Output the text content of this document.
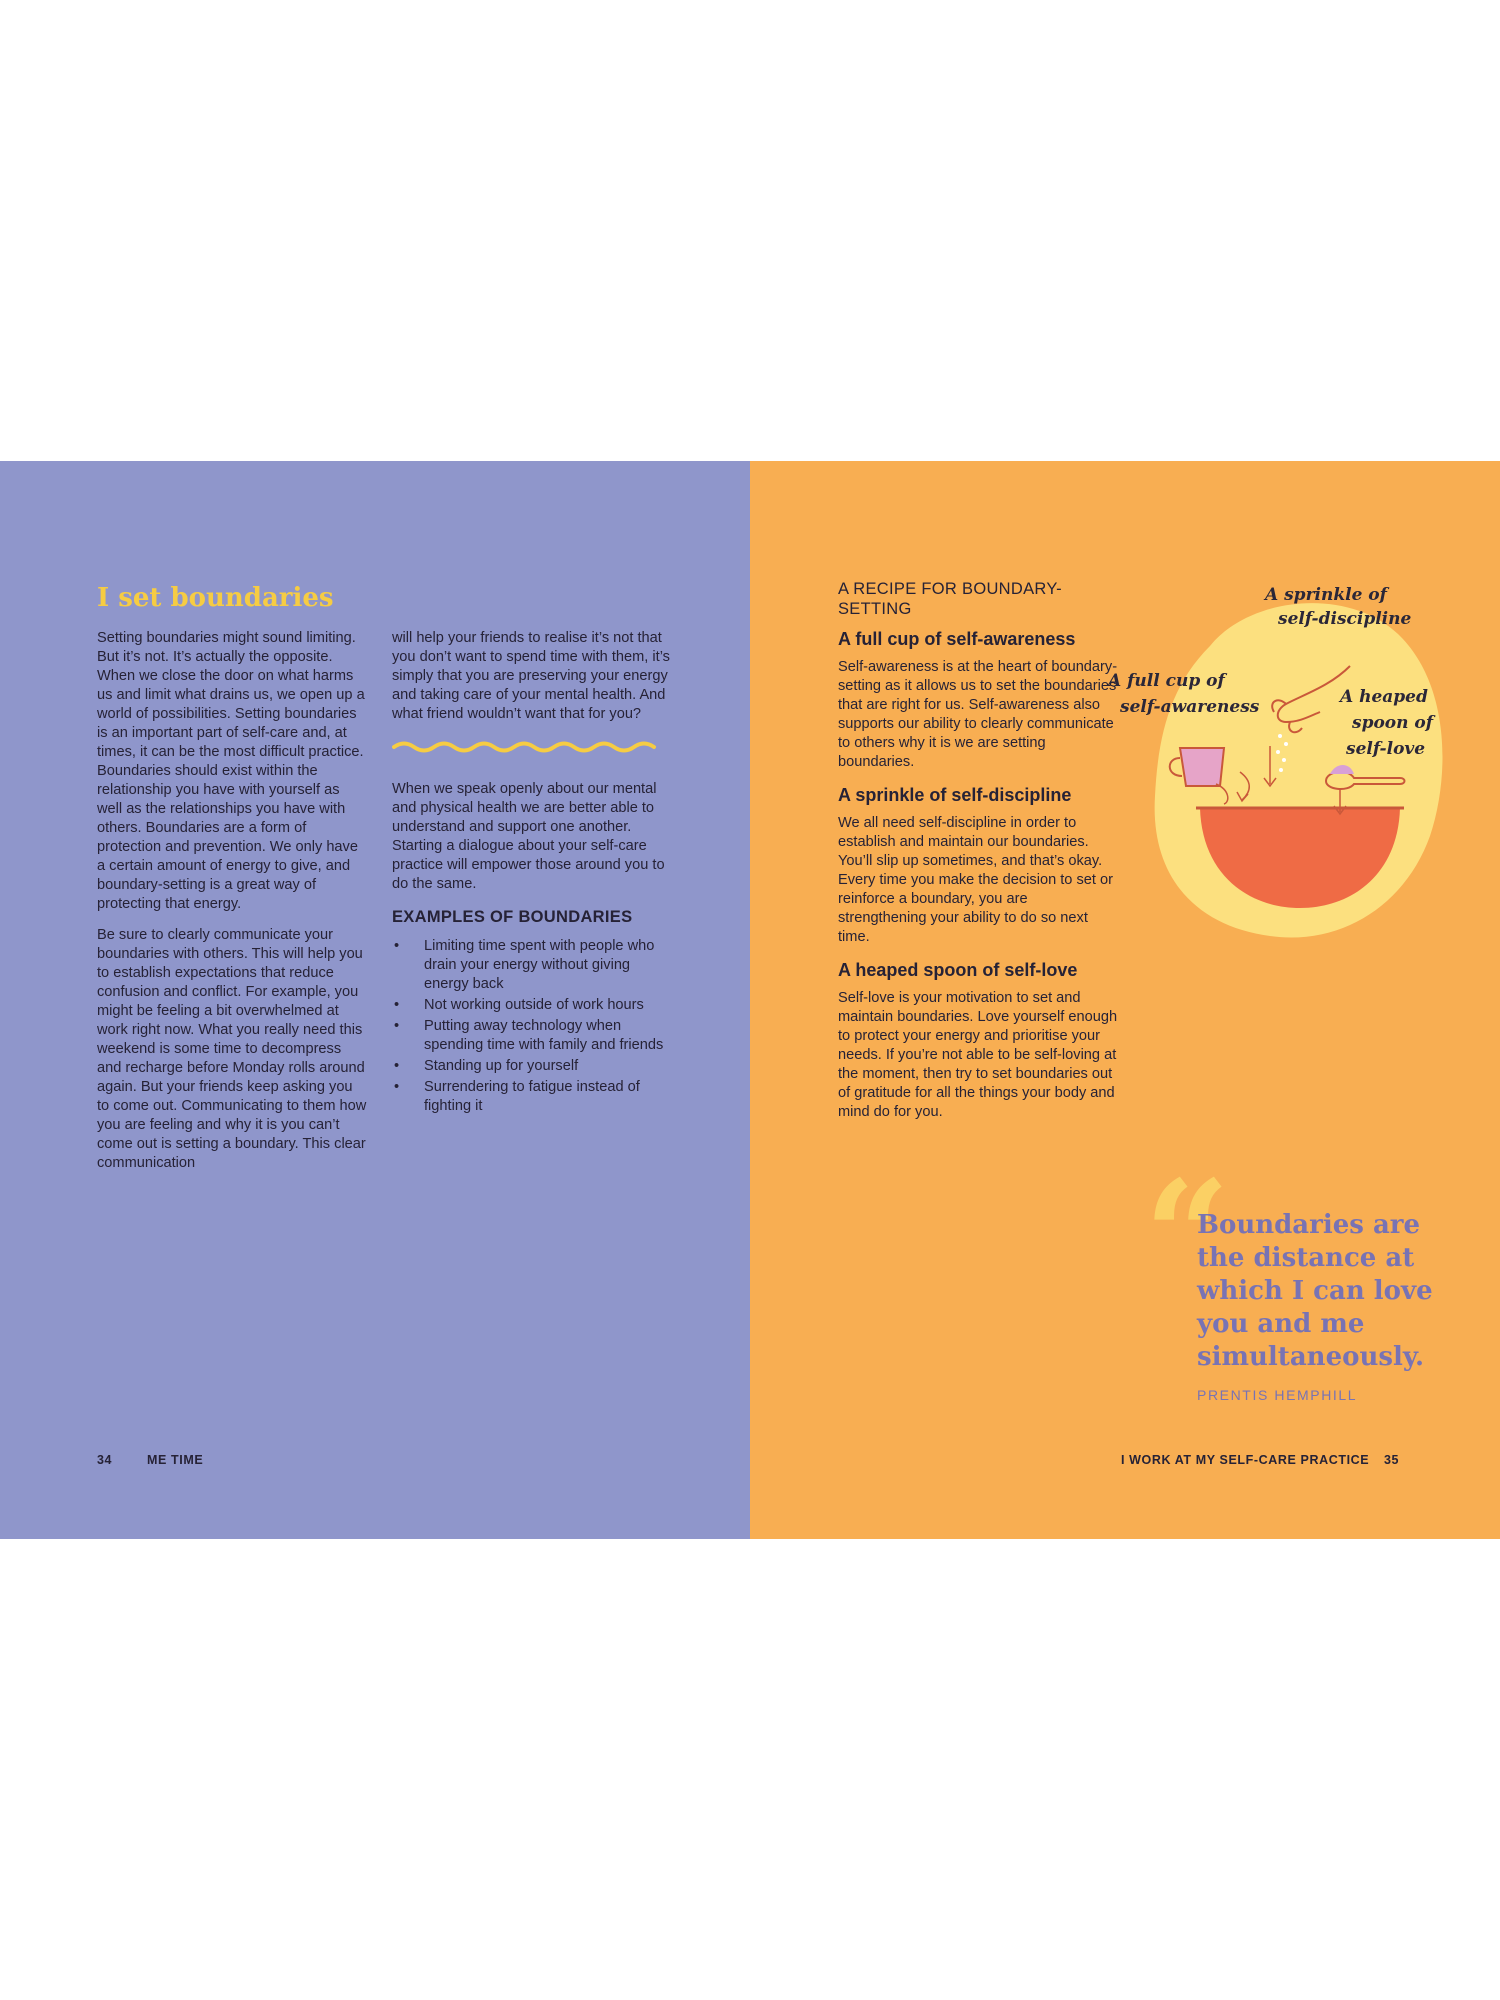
I set boundaries

Setting boundaries might sound limiting. But it’s not. It’s actually the opposite. When we close the door on what harms us and limit what drains us, we open up a world of possibilities. Setting boundaries is an important part of self-care and, at times, it can be the most difficult practice. Boundaries should exist within the relationship you have with yourself as well as the relationships you have with others. Boundaries are a form of protection and prevention. We only have a certain amount of energy to give, and boundary-setting is a great way of protecting that energy.

Be sure to clearly communicate your boundaries with others. This will help you to establish expectations that reduce confusion and conflict. For example, you might be feeling a bit overwhelmed at work right now. What you really need this weekend is some time to decompress and recharge before Monday rolls around again. But your friends keep asking you to come out. Communicating to them how you are feeling and why it is you can’t come out is setting a boundary. This clear communication

will help your friends to realise it’s not that you don’t want to spend time with them, it’s simply that you are preserving your energy and taking care of your mental health. And what friend wouldn’t want that for you?

When we speak openly about our mental and physical health we are better able to understand and support one another. Starting a dialogue about your self-care practice will empower those around you to do the same.

EXAMPLES OF BOUNDARIES
• Limiting time spent with people who drain your energy without giving energy back
• Not working outside of work hours
• Putting away technology when spending time with family and friends
• Standing up for yourself
• Surrendering to fatigue instead of fighting it
34	ME TIME
A RECIPE FOR BOUNDARY-SETTING
A full cup of self-awareness

Self-awareness is at the heart of boundary-setting as it allows us to set the boundaries that are right for us. Self-awareness also supports our ability to clearly communicate to others why it is we are setting boundaries.

A sprinkle of self-discipline

We all need self-discipline in order to establish and maintain our boundaries. You’ll slip up sometimes, and that’s okay. Every time you make the decision to set or reinforce a boundary, you are strengthening your ability to do so next time.

A heaped spoon of self-love

Self-love is your motivation to set and maintain boundaries. Love yourself enough to protect your energy and prioritise your needs. If you’re not able to be self-loving at the moment, then try to set boundaries out of gratitude for all the things your body and mind do for you.

A sprinkle of
self-discipline
A full cup of
self-awareness	A heaped
spoon of
self-love
“

Boundaries are the distance at which I can love you and me simultaneously.

PRENTIS HEMPHILL
I WORK AT MY SELF-CARE PRACTICE 35
